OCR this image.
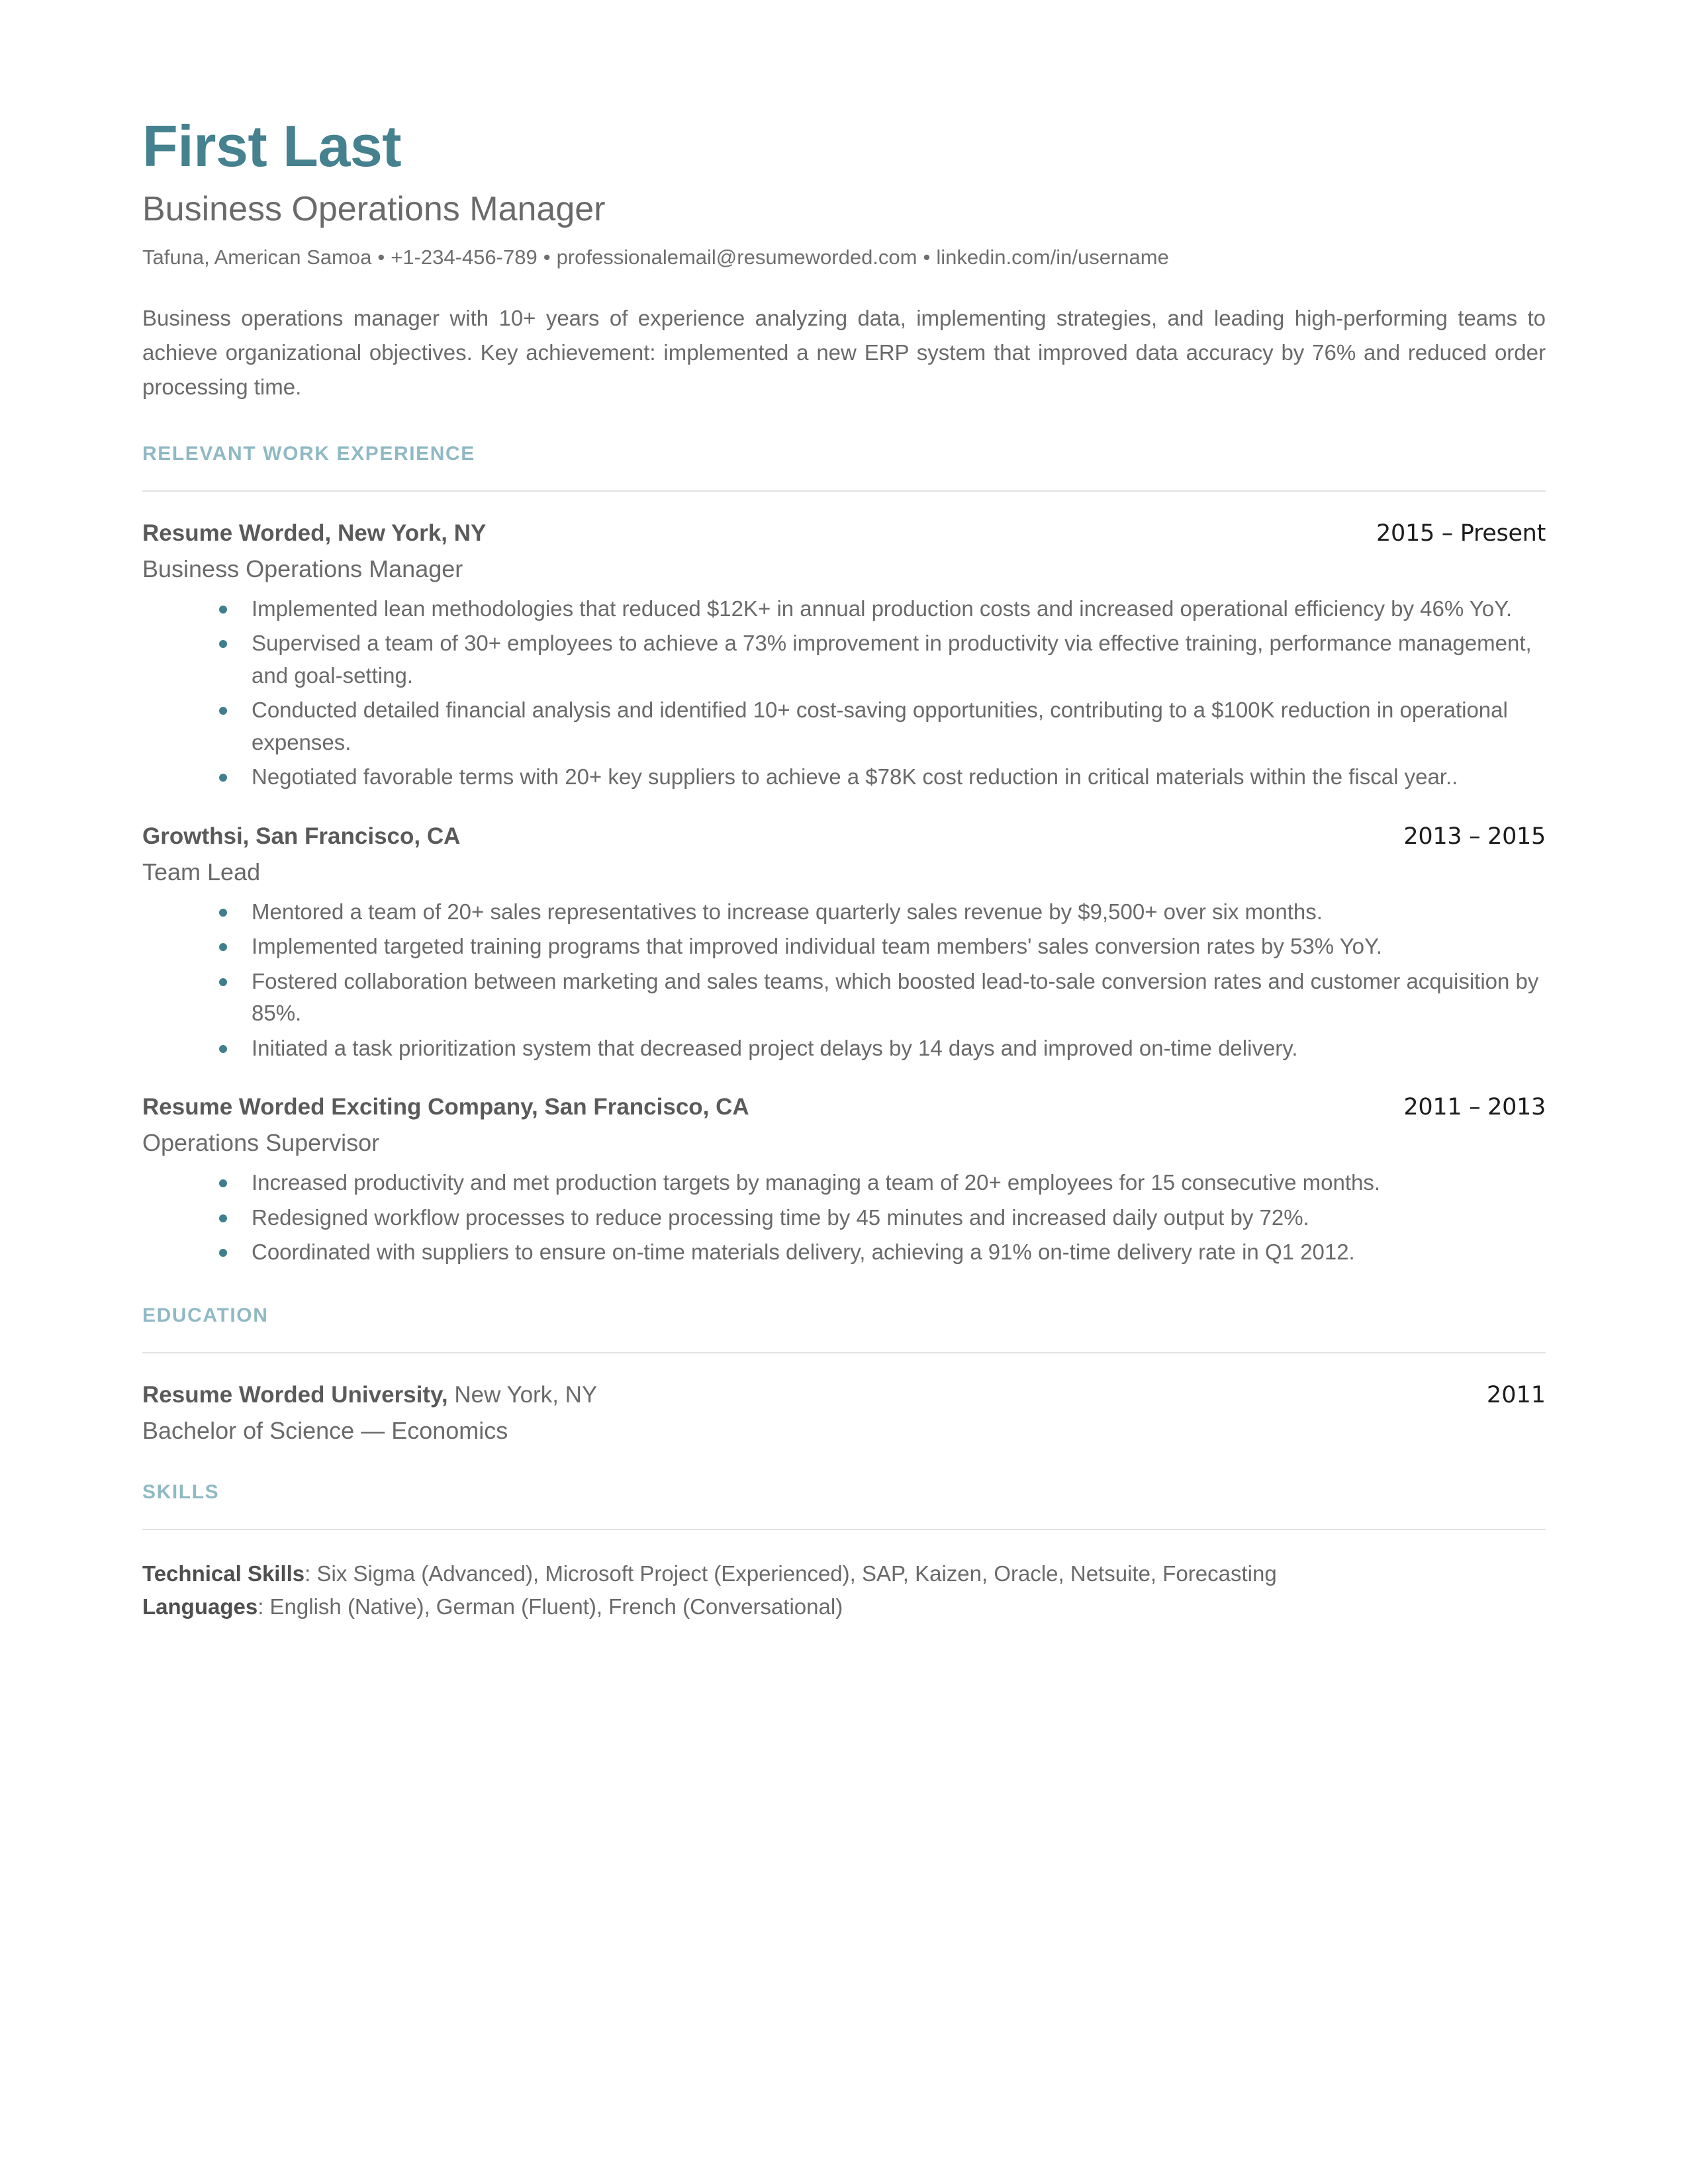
First Last
Business Operations Manager
Tafuna, American Samoa • +1-234-456-789 • professionalemail@resumeworded.com • linkedin.com/in/username
Business operations manager with 10+ years of experience analyzing data, implementing strategies, and leading high-performing teams to achieve organizational objectives. Key achievement: implemented a new ERP system that improved data accuracy by 76% and reduced order processing time.
RELEVANT WORK EXPERIENCE
Resume Worded, New York, NY	2015 – Present
Business Operations Manager
Implemented lean methodologies that reduced $12K+ in annual production costs and increased operational efficiency by 46% YoY.
Supervised a team of 30+ employees to achieve a 73% improvement in productivity via effective training, performance management, and goal-setting.
Conducted detailed financial analysis and identified 10+ cost-saving opportunities, contributing to a $100K reduction in operational expenses.
Negotiated favorable terms with 20+ key suppliers to achieve a $78K cost reduction in critical materials within the fiscal year..
Growthsi, San Francisco, CA	2013 – 2015
Team Lead
Mentored a team of 20+ sales representatives to increase quarterly sales revenue by $9,500+ over six months.
Implemented targeted training programs that improved individual team members' sales conversion rates by 53% YoY.
Fostered collaboration between marketing and sales teams, which boosted lead-to-sale conversion rates and customer acquisition by 85%.
Initiated a task prioritization system that decreased project delays by 14 days and improved on-time delivery.
Resume Worded Exciting Company, San Francisco, CA	2011 – 2013
Operations Supervisor
Increased productivity and met production targets by managing a team of 20+ employees for 15 consecutive months.
Redesigned workflow processes to reduce processing time by 45 minutes and increased daily output by 72%.
Coordinated with suppliers to ensure on-time materials delivery, achieving a 91% on-time delivery rate in Q1 2012.
EDUCATION
Resume Worded University, New York, NY	2011
Bachelor of Science — Economics
SKILLS
Technical Skills: Six Sigma (Advanced), Microsoft Project (Experienced), SAP, Kaizen, Oracle, Netsuite, Forecasting
Languages: English (Native), German (Fluent), French (Conversational)
